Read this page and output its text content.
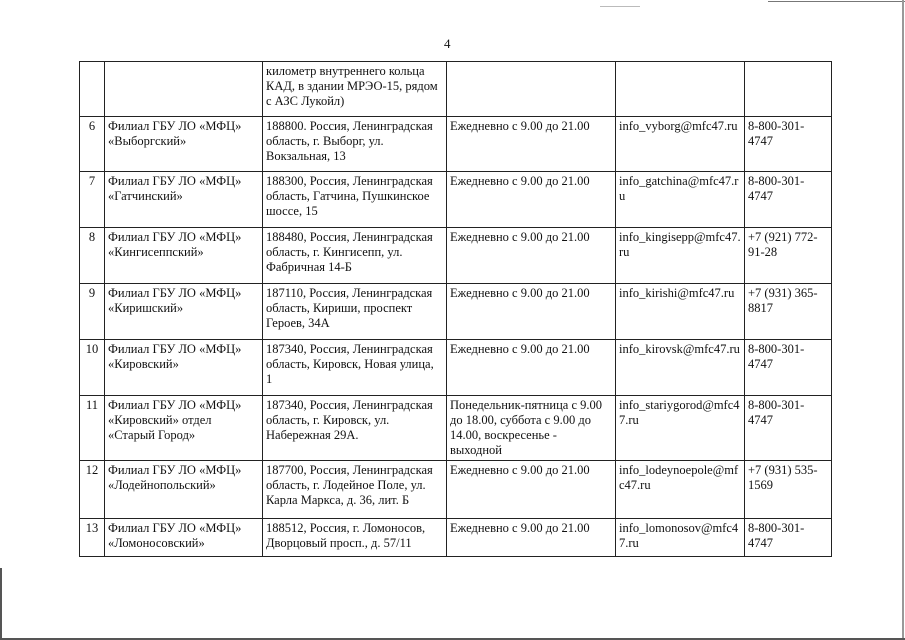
4
		километр внутреннего кольца КАД, в здании МРЭО-15, рядом с АЗС Лукойл)			
6	Филиал ГБУ ЛО «МФЦ» «Выборгский»	188800. Россия, Ленинградская область, г. Выборг, ул. Вокзальная, 13	Ежедневно с 9.00 до 21.00	info_vyborg@mfc47.ru	8-800-301-4747
7	Филиал ГБУ ЛО «МФЦ» «Гатчинский»	188300, Россия, Ленинградская область, Гатчина, Пушкинское шоссе, 15	Ежедневно с 9.00 до 21.00	info_gatchina@mfc47.ru	8-800-301-4747
8	Филиал ГБУ ЛО «МФЦ» «Кингисеппский»	188480, Россия, Ленинградская область, г. Кингисепп, ул. Фабричная 14-Б	Ежедневно с 9.00 до 21.00	info_kingisepp@mfc47.ru	+7 (921) 772-91-28
9	Филиал ГБУ ЛО «МФЦ» «Киришский»	187110, Россия, Ленинградская область, Кириши, проспект Героев, 34А	Ежедневно с 9.00 до 21.00	info_kirishi@mfc47.ru	+7 (931) 365-8817
10	Филиал ГБУ ЛО «МФЦ» «Кировский»	187340, Россия, Ленинградская область, Кировск, Новая улица, 1	Ежедневно с 9.00 до 21.00	info_kirovsk@mfc47.ru	8-800-301-4747
11	Филиал ГБУ ЛО «МФЦ» «Кировский» отдел «Старый Город»	187340, Россия, Ленинградская область, г. Кировск, ул. Набережная 29А.	Понедельник-пятница с 9.00 до 18.00, суббота с 9.00 до 14.00, воскресенье - выходной	info_stariygorod@mfc47.ru	8-800-301-4747
12	Филиал ГБУ ЛО «МФЦ» «Лодейнопольский»	187700, Россия, Ленинградская область, г. Лодейное Поле, ул. Карла Маркса, д. 36, лит. Б	Ежедневно с 9.00 до 21.00	info_lodeynoepole@mfc47.ru	+7 (931) 535-1569
13	Филиал ГБУ ЛО «МФЦ» «Ломоносовский»	188512, Россия, г. Ломоносов, Дворцовый просп., д. 57/11	Ежедневно с 9.00 до 21.00	info_lomonosov@mfc47.ru	8-800-301-4747
